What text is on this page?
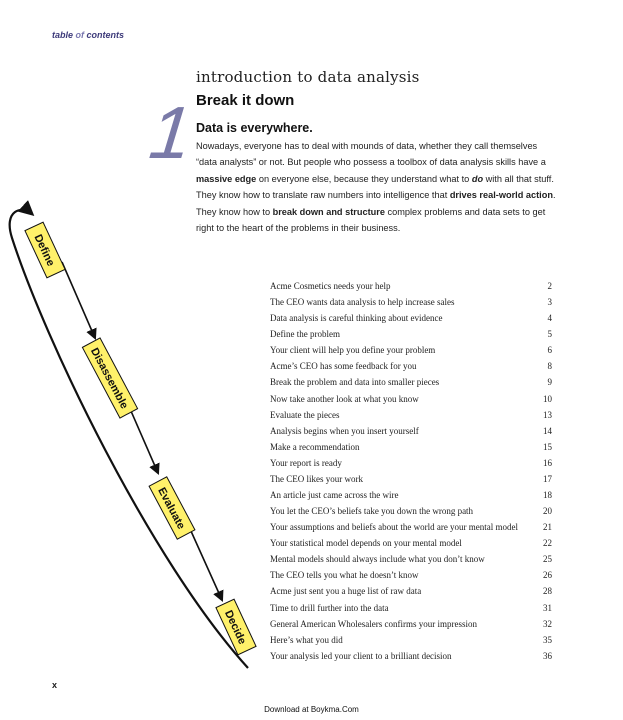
table of contents
1
introduction to data analysis
Break it down
Data is everywhere.
Nowadays, everyone has to deal with mounds of data, whether they call themselves “data analysts” or not. But people who possess a toolbox of data analysis skills have a massive edge on everyone else, because they understand what to do with all that stuff. They know how to translate raw numbers into intelligence that drives real-world action. They know how to break down and structure complex problems and data sets to get right to the heart of the problems in their business.
Define
Disassemble
Evaluate
Decide
Acme Cosmetics needs your help	2
The CEO wants data analysis to help increase sales	3
Data analysis is careful thinking about evidence	4
Define the problem	5
Your client will help you define your problem	6
Acme’s CEO has some feedback for you	8
Break the problem and data into smaller pieces	9
Now take another look at what you know	10
Evaluate the pieces	13
Analysis begins when you insert yourself	14
Make a recommendation	15
Your report is ready	16
The CEO likes your work	17
An article just came across the wire	18
You let the CEO’s beliefs take you down the wrong path	20
Your assumptions and beliefs about the world are your mental model	21
Your statistical model depends on your mental model	22
Mental models should always include what you don’t know	25
The CEO tells you what he doesn’t know	26
Acme just sent you a huge list of raw data	28
Time to drill further into the data	31
General American Wholesalers confirms your impression	32
Here’s what you did	35
Your analysis led your client to a brilliant decision	36
x
Download at Boykma.Com
